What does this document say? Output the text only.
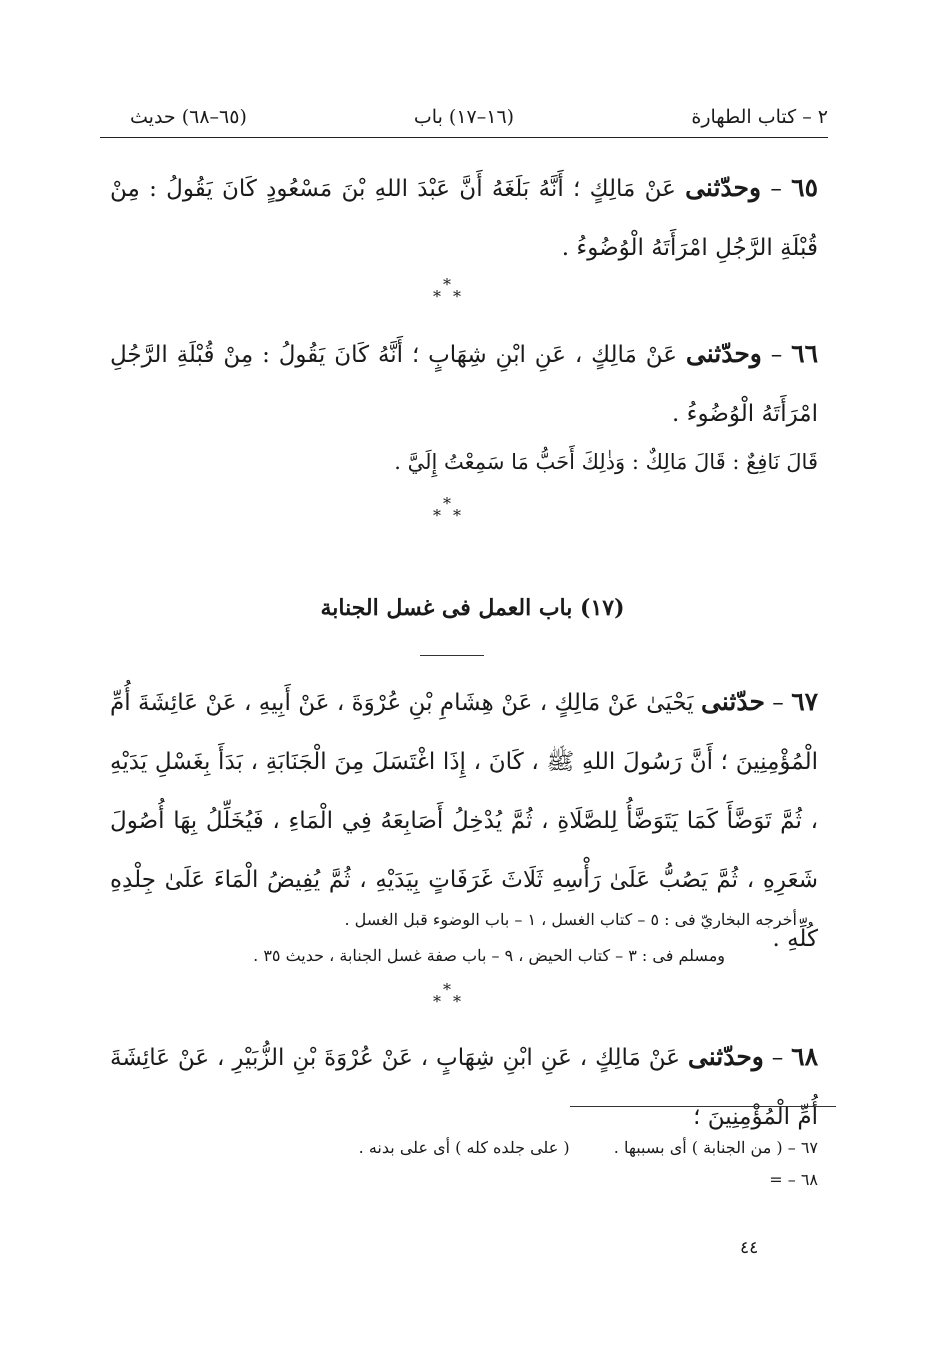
٢ – كتاب الطهارة
(١٦–١٧) باب
(٦٥–٦٨) حديث
٦٥ – وحدّثنى عَنْ مَالِكٍ ؛ أَنَّهُ بَلَغَهُ أَنَّ عَبْدَ اللهِ بْنَ مَسْعُودٍ كَانَ يَقُولُ : مِنْ قُبْلَةِ الرَّجُلِ امْرَأَتَهُ الْوُضُوءُ .
*
* *
٦٦ – وحدّثنى عَنْ مَالِكٍ ، عَنِ ابْنِ شِهَابٍ ؛ أَنَّهُ كَانَ يَقُولُ : مِنْ قُبْلَةِ الرَّجُلِ امْرَأَتَهُ الْوُضُوءُ .
قَالَ نَافِعٌ : قَالَ مَالِكٌ : وَذٰلِكَ أَحَبُّ مَا سَمِعْتُ إِلَيَّ .
*
* *
(١٧) باب العمل فى غسل الجنابة
٦٧ – حدّثنى يَحْيَىٰ عَنْ مَالِكٍ ، عَنْ هِشَامِ بْنِ عُرْوَةَ ، عَنْ أَبِيهِ ، عَنْ عَائِشَةَ أُمِّ الْمُؤْمِنِينَ ؛ أَنَّ رَسُولَ اللهِ ﷺ ، كَانَ ، إِذَا اغْتَسَلَ مِنَ الْجَنَابَةِ ، بَدَأَ بِغَسْلِ يَدَيْهِ ، ثُمَّ تَوَضَّأَ كَمَا يَتَوَضَّأُ لِلصَّلَاةِ ، ثُمَّ يُدْخِلُ أَصَابِعَهُ فِي الْمَاءِ ، فَيُخَلِّلُ بِهَا أُصُولَ شَعَرِهِ ، ثُمَّ يَصُبُّ عَلَىٰ رَأْسِهِ ثَلَاثَ غَرَفَاتٍ بِيَدَيْهِ ، ثُمَّ يُفِيضُ الْمَاءَ عَلَىٰ جِلْدِهِ كُلِّهِ .
أخرجه البخاريّ فى : ٥ – كتاب الغسل ، ١ – باب الوضوء قبل الغسل .
ومسلم فى : ٣ – كتاب الحيض ، ٩ – باب صفة غسل الجنابة ، حديث ٣٥ .
*
* *
٦٨ – وحدّثنى عَنْ مَالِكٍ ، عَنِ ابْنِ شِهَابٍ ، عَنْ عُرْوَةَ بْنِ الزُّبَيْرِ ، عَنْ عَائِشَةَ أُمِّ الْمُؤْمِنِينَ ؛
٦٧ – ( من الجنابة ) أى بسببها .  ( على جلده كله ) أى على بدنه .
٦٨ – =
٤٤
